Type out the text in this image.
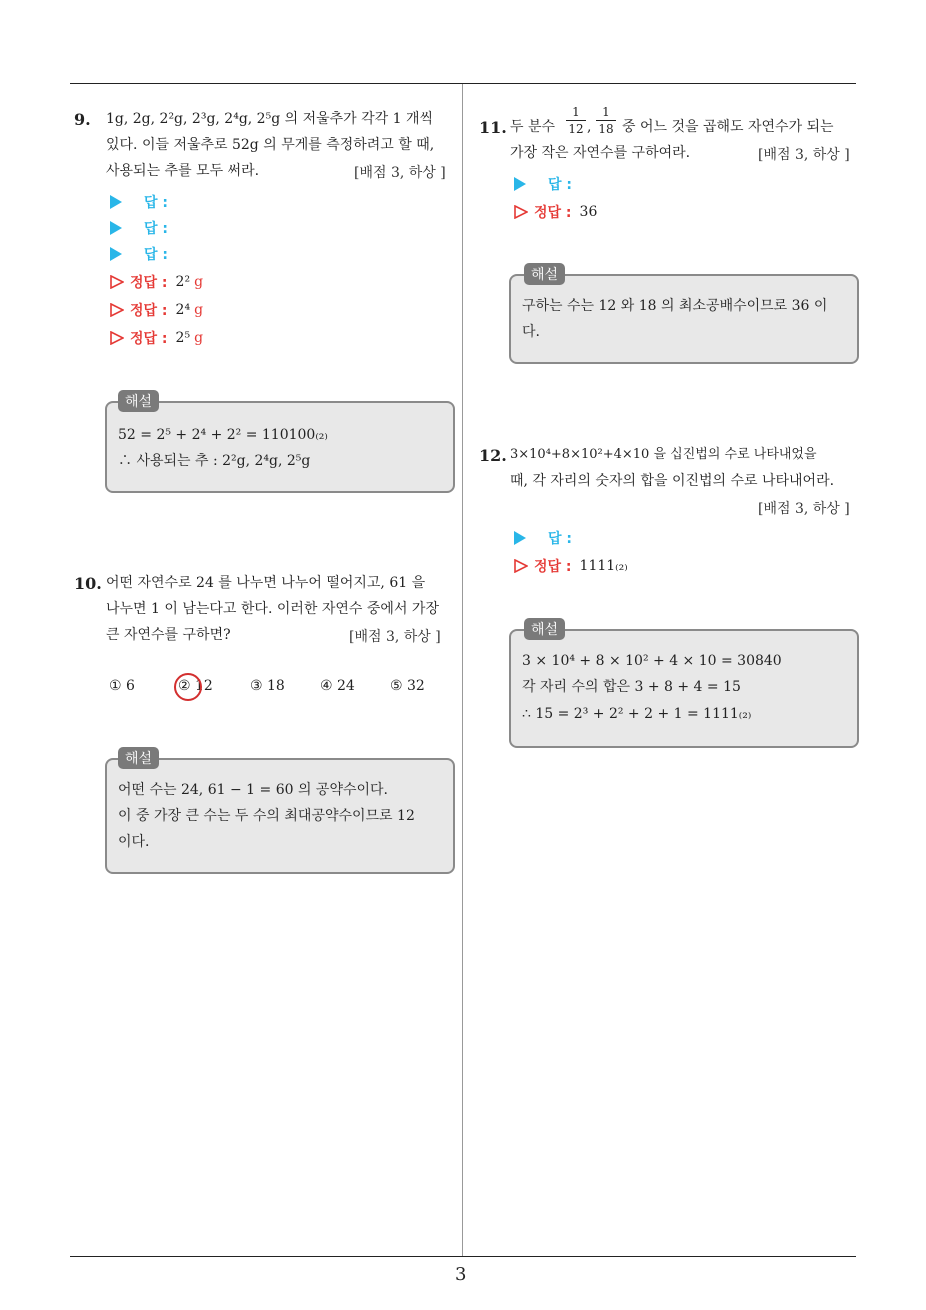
3
9. 1g, 2g, 2²g, 2³g, 2⁴g, 2⁵g 의 저울추가 각각 1 개씩
있다. 이들 저울추로 52g 의 무게를 측정하려고 할 때,
사용되는 추를 모두 써라.	[배점 3, 하상 ]
답 :
답 :
답 :
정답 : 2² g
정답 : 2⁴ g
정답 : 2⁵ g
해설
52 = 2⁵ + 2⁴ + 2² = 110100₍₂₎
∴ 사용되는 추 : 2²g, 2⁴g, 2⁵g
10. 어떤 자연수로 24 를 나누면 나누어 떨어지고, 61 을
나누면 1 이 남는다고 한다. 이러한 자연수 중에서 가장
큰 자연수를 구하면?	[배점 3, 하상 ]
① 6	② 12	③ 18	④ 24	⑤ 32
해설
어떤 수는 24, 61 − 1 = 60 의 공약수이다.
이 중 가장 큰 수는 두 수의 최대공약수이므로 12
이다.
11. 두 분수 $\frac{1}{12}$ , $\frac{1}{18}$ 중 어느 것을 곱해도 자연수가 되는
가장 작은 자연수를 구하여라.	[배점 3, 하상 ]
답 :
정답 : 36
해설
구하는 수는 12 와 18 의 최소공배수이므로 36 이
다.
12. 3×10⁴+8×10²+4×10 을 십진법의 수로 나타내었을
때, 각 자리의 숫자의 합을 이진법의 수로 나타내어라.
[배점 3, 하상 ]
답 :
정답 : 1111₍₂₎
해설
3 × 10⁴ + 8 × 10² + 4 × 10 = 30840
각 자리 수의 합은 3 + 8 + 4 = 15
∴ 15 = 2³ + 2² + 2 + 1 = 1111₍₂₎
